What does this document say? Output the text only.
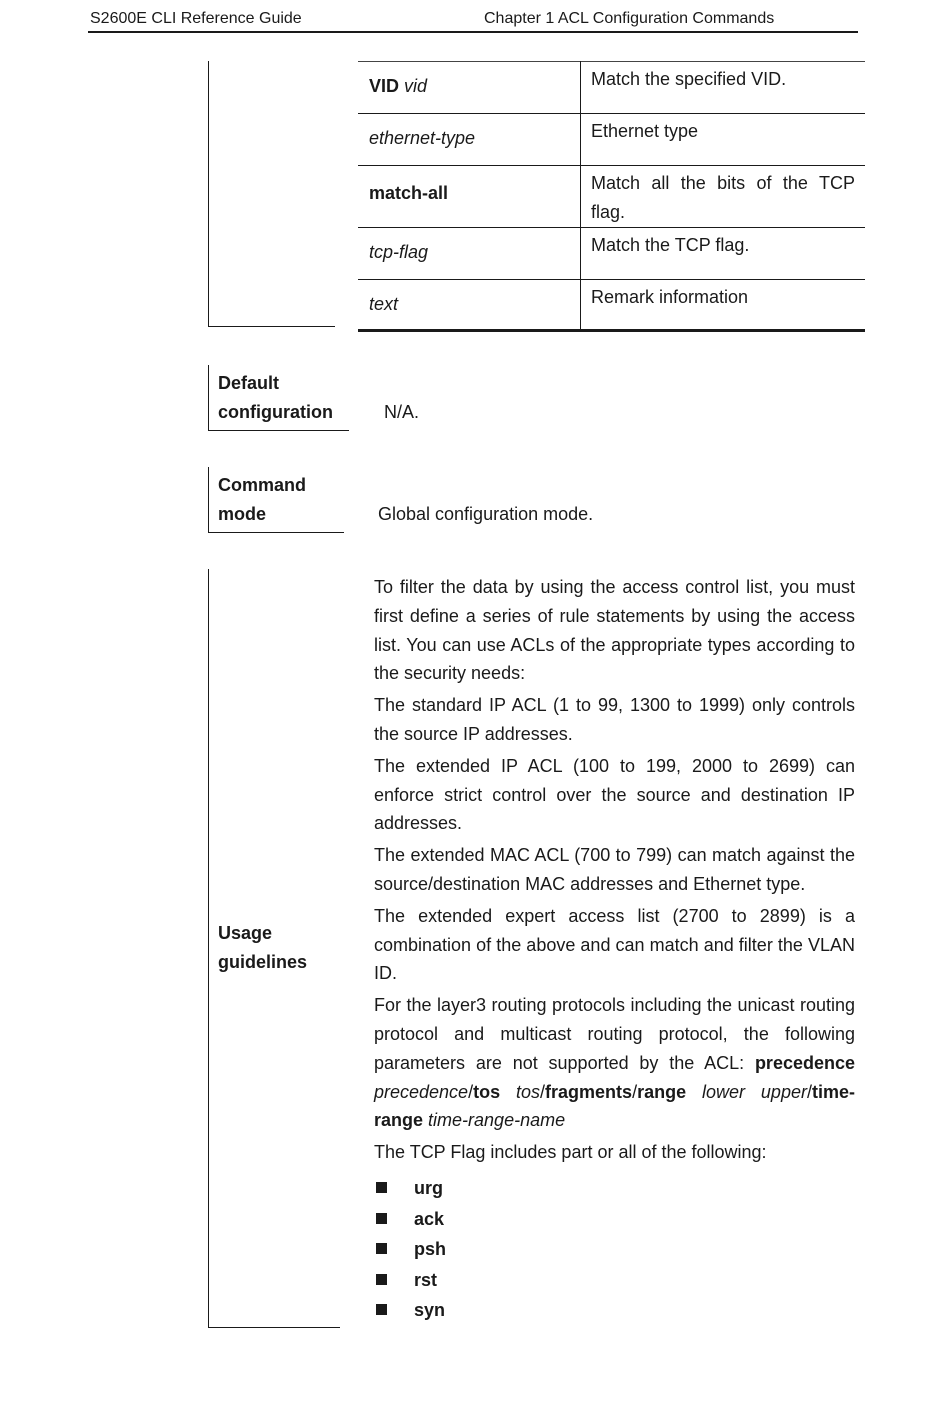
S2600E CLI Reference Guide	Chapter 1 ACL Configuration Commands
VID vid	Match the specified VID.

ethernet-type	Ethernet type

match-all	Match all the bits of the TCP flag.

tcp-flag	Match the TCP flag.

text	Remark information
Default
configuration	N/A.
Command
mode	Global configuration mode.
Usage
guidelines

To filter the data by using the access control list, you must first define a series of rule statements by using the access list. You can use ACLs of the appropriate types according to the security needs:

The standard IP ACL (1 to 99, 1300 to 1999) only controls the source IP addresses.

The extended IP ACL (100 to 199, 2000 to 2699) can enforce strict control over the source and destination IP addresses.

The extended MAC ACL (700 to 799) can match against the source/destination MAC addresses and Ethernet type.

The extended expert access list (2700 to 2899) is a combination of the above and can match and filter the VLAN ID.

For the layer3 routing protocols including the unicast routing protocol and multicast routing protocol, the following parameters are not supported by the ACL: precedence precedence/tos tos/fragments/range lower upper/time-range time-range-name

The TCP Flag includes part or all of the following:

urg
ack
psh
rst
syn
